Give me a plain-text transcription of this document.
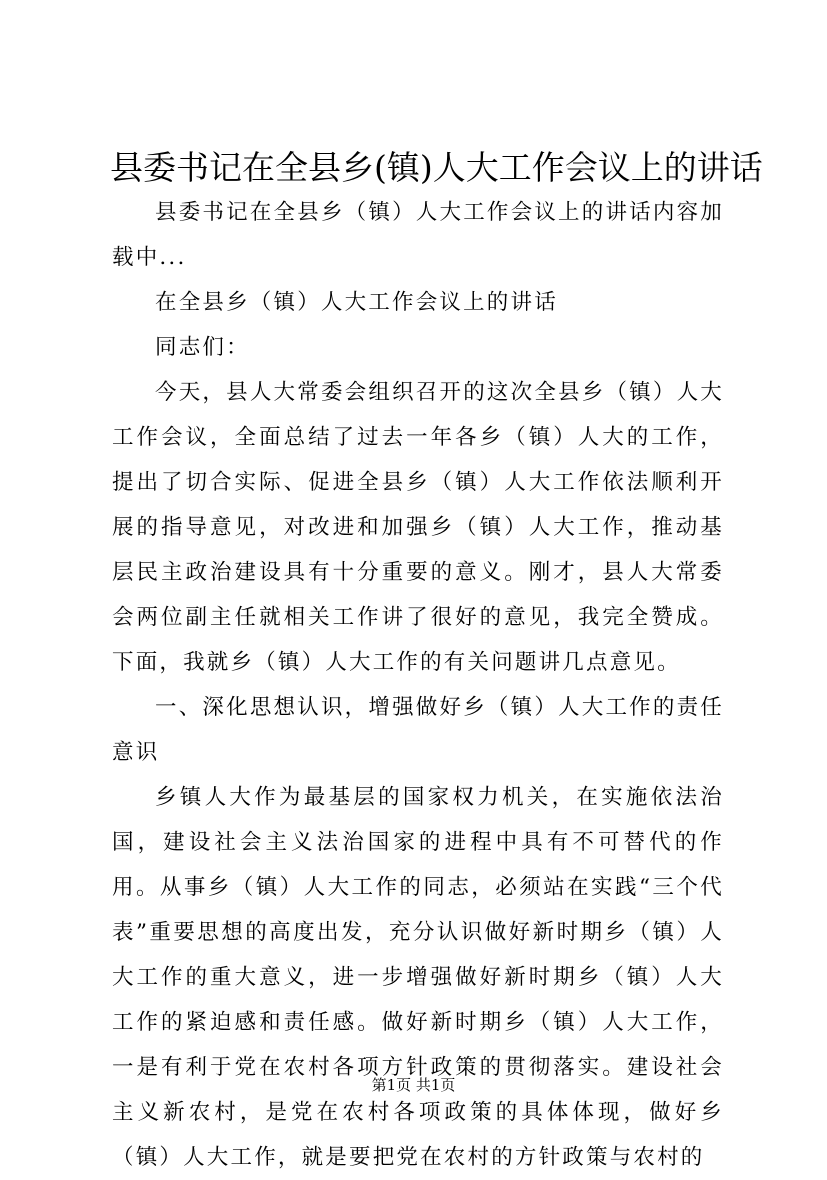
县委书记在全县乡(镇)人大工作会议上的讲话

县委书记在全县乡（镇）人大工作会议上的讲话内容加载中...

在全县乡（镇）人大工作会议上的讲话

同志们：

今天，县人大常委会组织召开的这次全县乡（镇）人大工作会议，全面总结了过去一年各乡（镇）人大的工作，提出了切合实际、促进全县乡（镇）人大工作依法顺利开展的指导意见，对改进和加强乡（镇）人大工作，推动基层民主政治建设具有十分重要的意义。刚才，县人大常委会两位副主任就相关工作讲了很好的意见，我完全赞成。下面，我就乡（镇）人大工作的有关问题讲几点意见。

一、深化思想认识，增强做好乡（镇）人大工作的责任意识

乡镇人大作为最基层的国家权力机关，在实施依法治国，建设社会主义法治国家的进程中具有不可替代的作用。从事乡（镇）人大工作的同志，必须站在实践“三个代表”重要思想的高度出发，充分认识做好新时期乡（镇）人大工作的重大意义，进一步增强做好新时期乡（镇）人大工作的紧迫感和责任感。做好新时期乡（镇）人大工作，一是有利于党在农村各项方针政策的贯彻落实。建设社会主义新农村，是党在农村各项政策的具体体现，做好乡（镇）人大工作，就是要把党在农村的方针政策与农村的

第1页 共1页
